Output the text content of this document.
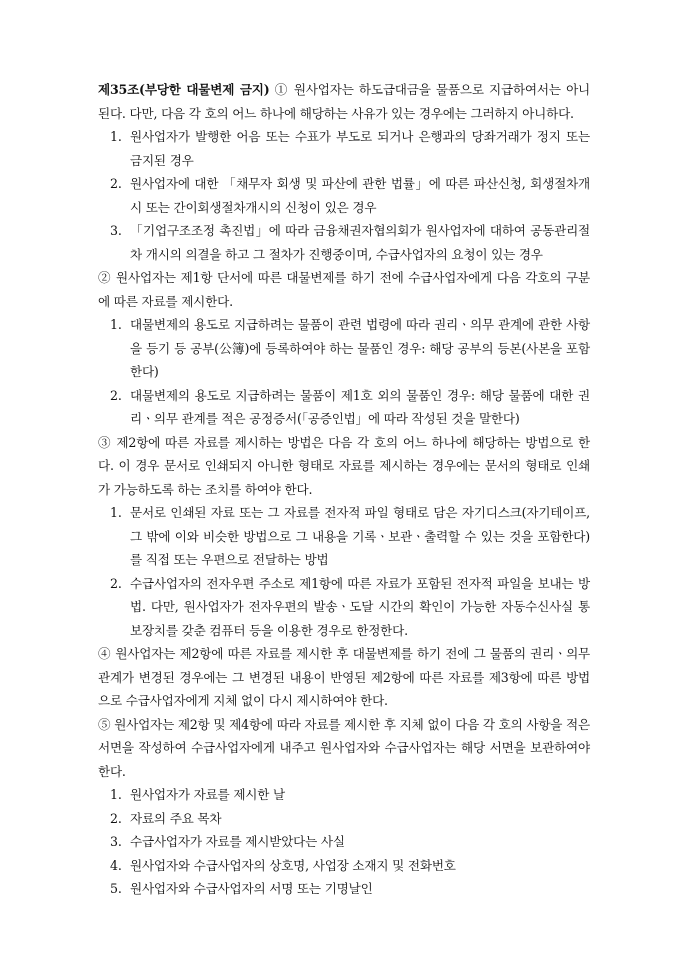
제35조(부당한 대물변제 금지) ① 원사업자는 하도급대금을 물품으로 지급하여서는 아니 된다. 다만, 다음 각 호의 어느 하나에 해당하는 사유가 있는 경우에는 그러하지 아니하다.

1. 원사업자가 발행한 어음 또는 수표가 부도로 되거나 은행과의 당좌거래가 정지 또는 금지된 경우
2. 원사업자에 대한 「채무자 회생 및 파산에 관한 법률」에 따른 파산신청, 회생절차개시 또는 간이회생절차개시의 신청이 있은 경우
3. 「기업구조조정 촉진법」에 따라 금융채권자협의회가 원사업자에 대하여 공동관리절차 개시의 의결을 하고 그 절차가 진행중이며, 수급사업자의 요청이 있는 경우

② 원사업자는 제1항 단서에 따른 대물변제를 하기 전에 수급사업자에게 다음 각호의 구분에 따른 자료를 제시한다.

1. 대물변제의 용도로 지급하려는 물품이 관련 법령에 따라 권리ㆍ의무 관계에 관한 사항을 등기 등 공부(公簿)에 등록하여야 하는 물품인 경우: 해당 공부의 등본(사본을 포함한다)
2. 대물변제의 용도로 지급하려는 물품이 제1호 외의 물품인 경우: 해당 물품에 대한 권리ㆍ의무 관계를 적은 공정증서(「공증인법」에 따라 작성된 것을 말한다)

③ 제2항에 따른 자료를 제시하는 방법은 다음 각 호의 어느 하나에 해당하는 방법으로 한다. 이 경우 문서로 인쇄되지 아니한 형태로 자료를 제시하는 경우에는 문서의 형태로 인쇄가 가능하도록 하는 조치를 하여야 한다.

1. 문서로 인쇄된 자료 또는 그 자료를 전자적 파일 형태로 담은 자기디스크(자기테이프, 그 밖에 이와 비슷한 방법으로 그 내용을 기록ㆍ보관ㆍ출력할 수 있는 것을 포함한다)를 직접 또는 우편으로 전달하는 방법
2. 수급사업자의 전자우편 주소로 제1항에 따른 자료가 포함된 전자적 파일을 보내는 방법. 다만, 원사업자가 전자우편의 발송ㆍ도달 시간의 확인이 가능한 자동수신사실 통보장치를 갖춘 컴퓨터 등을 이용한 경우로 한정한다.

④ 원사업자는 제2항에 따른 자료를 제시한 후 대물변제를 하기 전에 그 물품의 권리ㆍ의무 관계가 변경된 경우에는 그 변경된 내용이 반영된 제2항에 따른 자료를 제3항에 따른 방법으로 수급사업자에게 지체 없이 다시 제시하여야 한다.

⑤ 원사업자는 제2항 및 제4항에 따라 자료를 제시한 후 지체 없이 다음 각 호의 사항을 적은 서면을 작성하여 수급사업자에게 내주고 원사업자와 수급사업자는 해당 서면을 보관하여야 한다.

1. 원사업자가 자료를 제시한 날
2. 자료의 주요 목차
3. 수급사업자가 자료를 제시받았다는 사실
4. 원사업자와 수급사업자의 상호명, 사업장 소재지 및 전화번호
5. 원사업자와 수급사업자의 서명 또는 기명날인
